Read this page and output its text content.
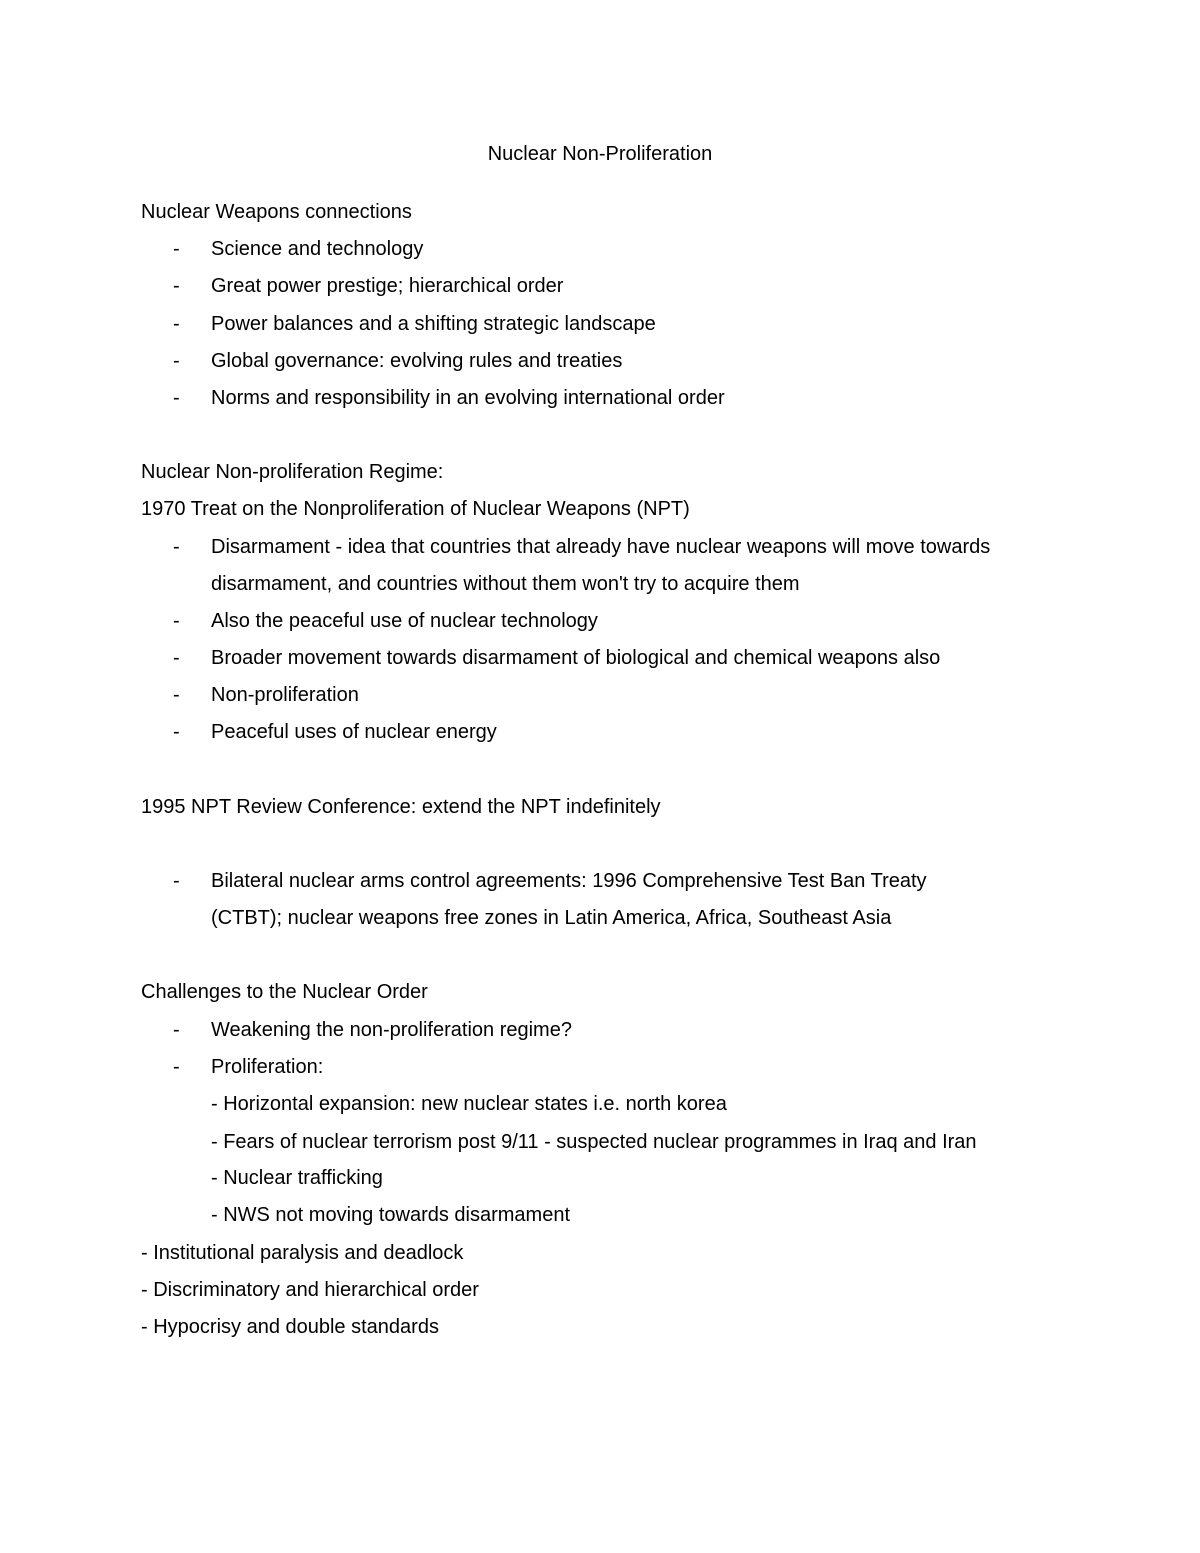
Nuclear Non-Proliferation
Nuclear Weapons connections
- Science and technology
- Great power prestige; hierarchical order
- Power balances and a shifting strategic landscape
- Global governance: evolving rules and treaties
- Norms and responsibility in an evolving international order
Nuclear Non-proliferation Regime:
1970 Treat on the Nonproliferation of Nuclear Weapons (NPT)
- Disarmament - idea that countries that already have nuclear weapons will move towards
disarmament, and countries without them won't try to acquire them
- Also the peaceful use of nuclear technology
- Broader movement towards disarmament of biological and chemical weapons also
- Non-proliferation
- Peaceful uses of nuclear energy
1995 NPT Review Conference: extend the NPT indefinitely
- Bilateral nuclear arms control agreements: 1996 Comprehensive Test Ban Treaty
(CTBT); nuclear weapons free zones in Latin America, Africa, Southeast Asia
Challenges to the Nuclear Order
- Weakening the non-proliferation regime?
- Proliferation:
- Horizontal expansion: new nuclear states i.e. north korea
- Fears of nuclear terrorism post 9/11 - suspected nuclear programmes in Iraq and Iran
- Nuclear trafficking
- NWS not moving towards disarmament
- Institutional paralysis and deadlock
- Discriminatory and hierarchical order
- Hypocrisy and double standards
